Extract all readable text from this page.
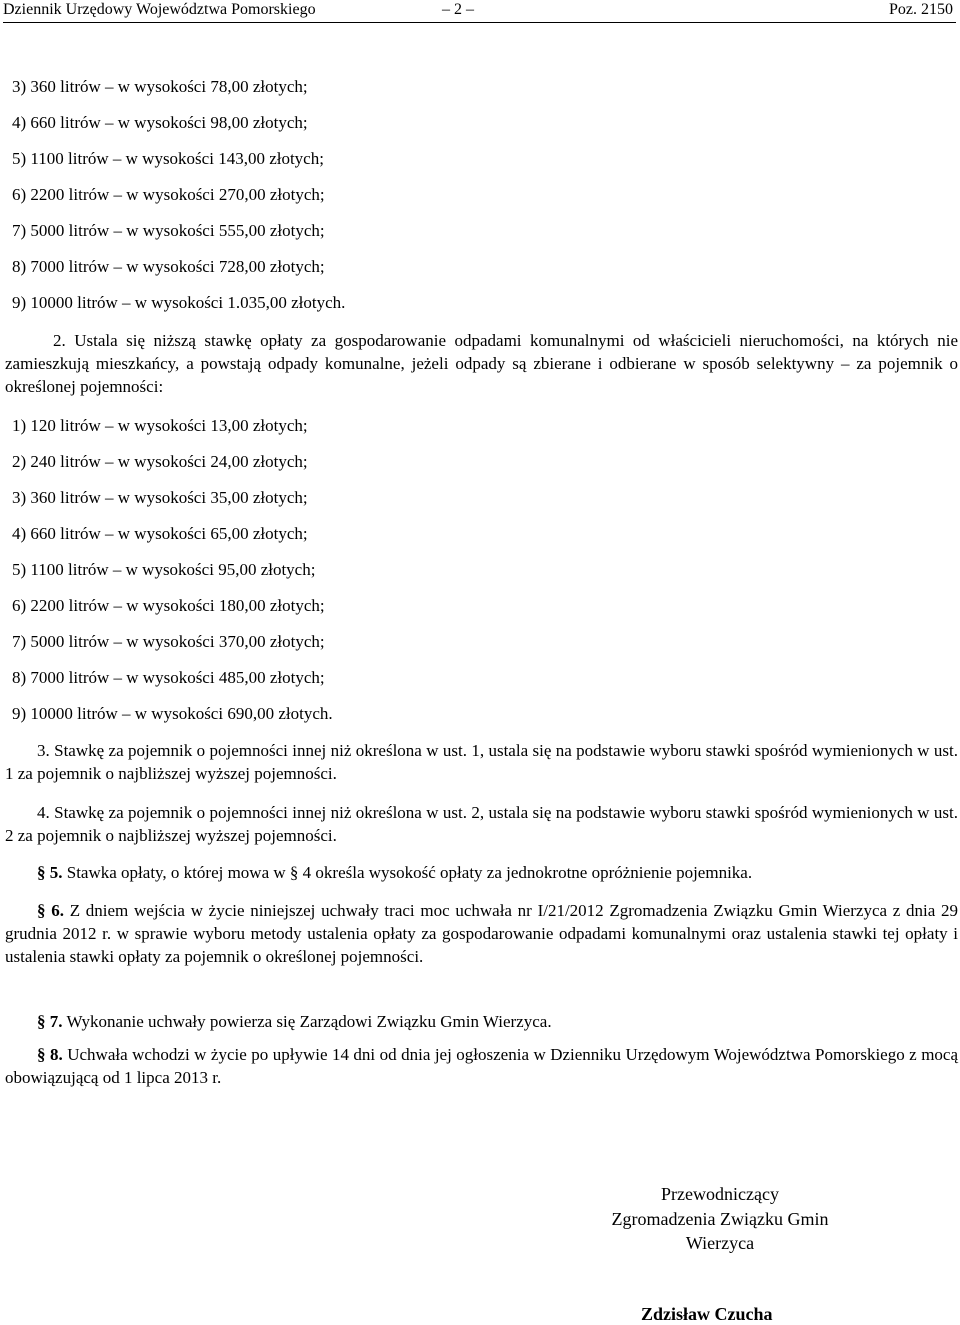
Dziennik Urzędowy Województwa Pomorskiego	– 2 –	Poz. 2150
3) 360 litrów – w wysokości 78,00 złotych;
4) 660 litrów – w wysokości 98,00 złotych;
5) 1100 litrów – w wysokości 143,00 złotych;
6) 2200 litrów – w wysokości 270,00 złotych;
7) 5000 litrów – w wysokości 555,00 złotych;
8) 7000 litrów – w wysokości 728,00 złotych;
9) 10000 litrów – w wysokości 1.035,00 złotych.
2. Ustala się niższą stawkę opłaty za gospodarowanie odpadami komunalnymi od właścicieli nieruchomości, na których nie zamieszkują mieszkańcy, a powstają odpady komunalne, jeżeli odpady są zbierane i odbierane w sposób selektywny – za pojemnik o określonej pojemności:
1) 120 litrów – w wysokości 13,00 złotych;
2) 240 litrów – w wysokości 24,00 złotych;
3) 360 litrów – w wysokości 35,00 złotych;
4) 660 litrów – w wysokości 65,00 złotych;
5) 1100 litrów – w wysokości 95,00 złotych;
6) 2200 litrów – w wysokości 180,00 złotych;
7) 5000 litrów – w wysokości 370,00 złotych;
8) 7000 litrów – w wysokości 485,00 złotych;
9) 10000 litrów – w wysokości 690,00 złotych.
3. Stawkę za pojemnik o pojemności innej niż określona w ust. 1, ustala się na podstawie wyboru stawki spośród wymienionych w ust. 1 za pojemnik o najbliższej wyższej pojemności.
4. Stawkę za pojemnik o pojemności innej niż określona w ust. 2, ustala się na podstawie wyboru stawki spośród wymienionych w ust. 2 za pojemnik o najbliższej wyższej pojemności.
§ 5. Stawka opłaty, o której mowa w § 4 określa wysokość opłaty za jednokrotne opróżnienie pojemnika.
§ 6. Z dniem wejścia w życie niniejszej uchwały traci moc uchwała nr I/21/2012 Zgromadzenia Związku Gmin Wierzyca z dnia 29 grudnia 2012 r. w sprawie wyboru metody ustalenia opłaty za gospodarowanie odpadami komunalnymi oraz ustalenia stawki tej opłaty i ustalenia stawki opłaty za pojemnik o określonej pojemności.
§ 7. Wykonanie uchwały powierza się Zarządowi Związku Gmin Wierzyca.
§ 8. Uchwała wchodzi w życie po upływie 14 dni od dnia jej ogłoszenia w Dzienniku Urzędowym Województwa Pomorskiego z mocą obowiązującą od 1 lipca 2013 r.
Przewodniczący
Zgromadzenia Związku Gmin
Wierzyca
Zdzisław Czucha
